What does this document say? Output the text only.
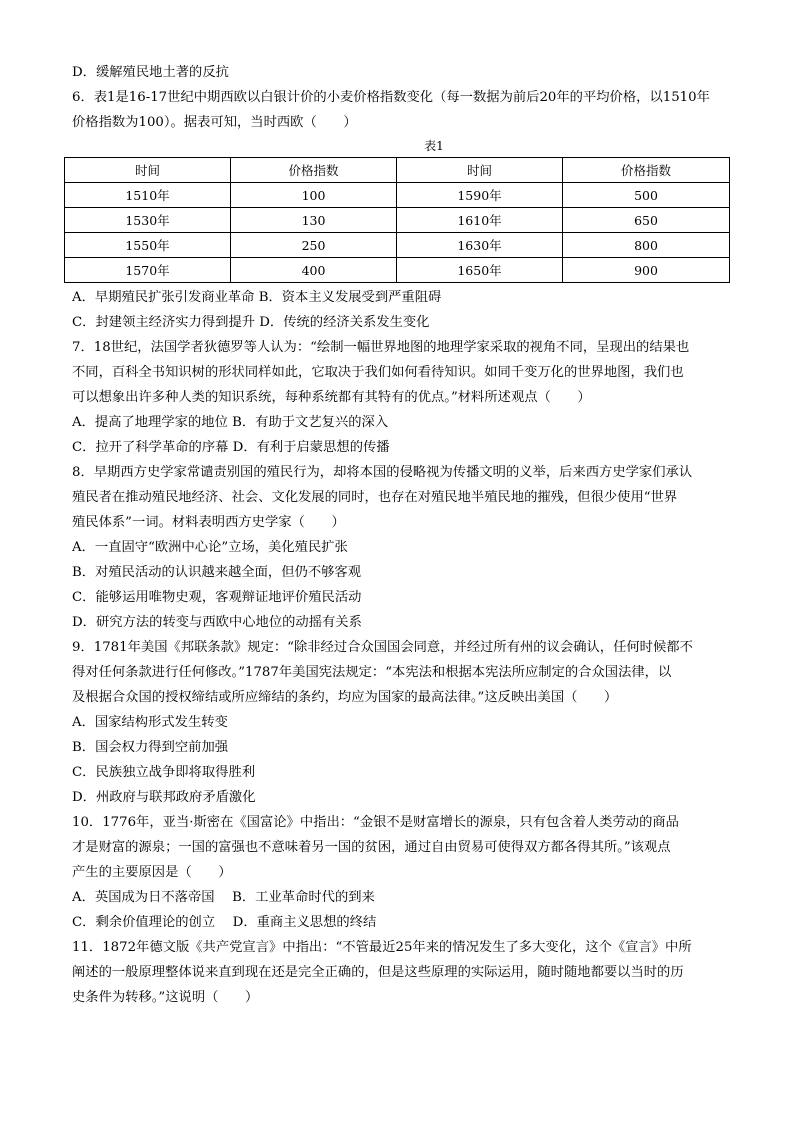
D．缓解殖民地土著的反抗
6．表1是16-17世纪中期西欧以白银计价的小麦价格指数变化（每一数据为前后20年的平均价格，以1510年
价格指数为100）。据表可知，当时西欧（　　）
表1
时间	价格指数	时间	价格指数
1510年	100	1590年	500
1530年	130	1610年	650
1550年	250	1630年	800
1570年	400	1650年	900
A．早期殖民扩张引发商业革命 B．资本主义发展受到严重阻碍
C．封建领主经济实力得到提升 D．传统的经济关系发生变化
7．18世纪，法国学者狄德罗等人认为：“绘制一幅世界地图的地理学家采取的视角不同，呈现出的结果也
不同，百科全书知识树的形状同样如此，它取决于我们如何看待知识。如同千变万化的世界地图，我们也
可以想象出许多种人类的知识系统，每种系统都有其特有的优点。”材料所述观点（　　）
A．提高了地理学家的地位 B．有助于文艺复兴的深入
C．拉开了科学革命的序幕 D．有利于启蒙思想的传播
8．早期西方史学家常谴责别国的殖民行为，却将本国的侵略视为传播文明的义举，后来西方史学家们承认
殖民者在推动殖民地经济、社会、文化发展的同时，也存在对殖民地半殖民地的摧残，但很少使用“世界
殖民体系”一词。材料表明西方史学家（　　）
A．一直固守“欧洲中心论”立场，美化殖民扩张
B．对殖民活动的认识越来越全面，但仍不够客观
C．能够运用唯物史观，客观辩证地评价殖民活动
D．研究方法的转变与西欧中心地位的动摇有关系
9．1781年美国《邦联条款》规定：“除非经过合众国国会同意，并经过所有州的议会确认，任何时候都不
得对任何条款进行任何修改。”1787年美国宪法规定：“本宪法和根据本宪法所应制定的合众国法律，以
及根据合众国的授权缔结或所应缔结的条约，均应为国家的最高法律。”这反映出美国（　　）
A．国家结构形式发生转变
B．国会权力得到空前加强
C．民族独立战争即将取得胜利
D．州政府与联邦政府矛盾激化
10．1776年，亚当·斯密在《国富论》中指出：“金银不是财富增长的源泉，只有包含着人类劳动的商品
才是财富的源泉；一国的富强也不意味着另一国的贫困，通过自由贸易可使得双方都各得其所。”该观点
产生的主要原因是（　　）
A．英国成为日不落帝国　 B．工业革命时代的到来
C．剩余价值理论的创立　 D．重商主义思想的终结
11．1872年德文版《共产党宣言》中指出：“不管最近25年来的情况发生了多大变化，这个《宣言》中所
阐述的一般原理整体说来直到现在还是完全正确的，但是这些原理的实际运用，随时随地都要以当时的历
史条件为转移。”这说明（　　）
